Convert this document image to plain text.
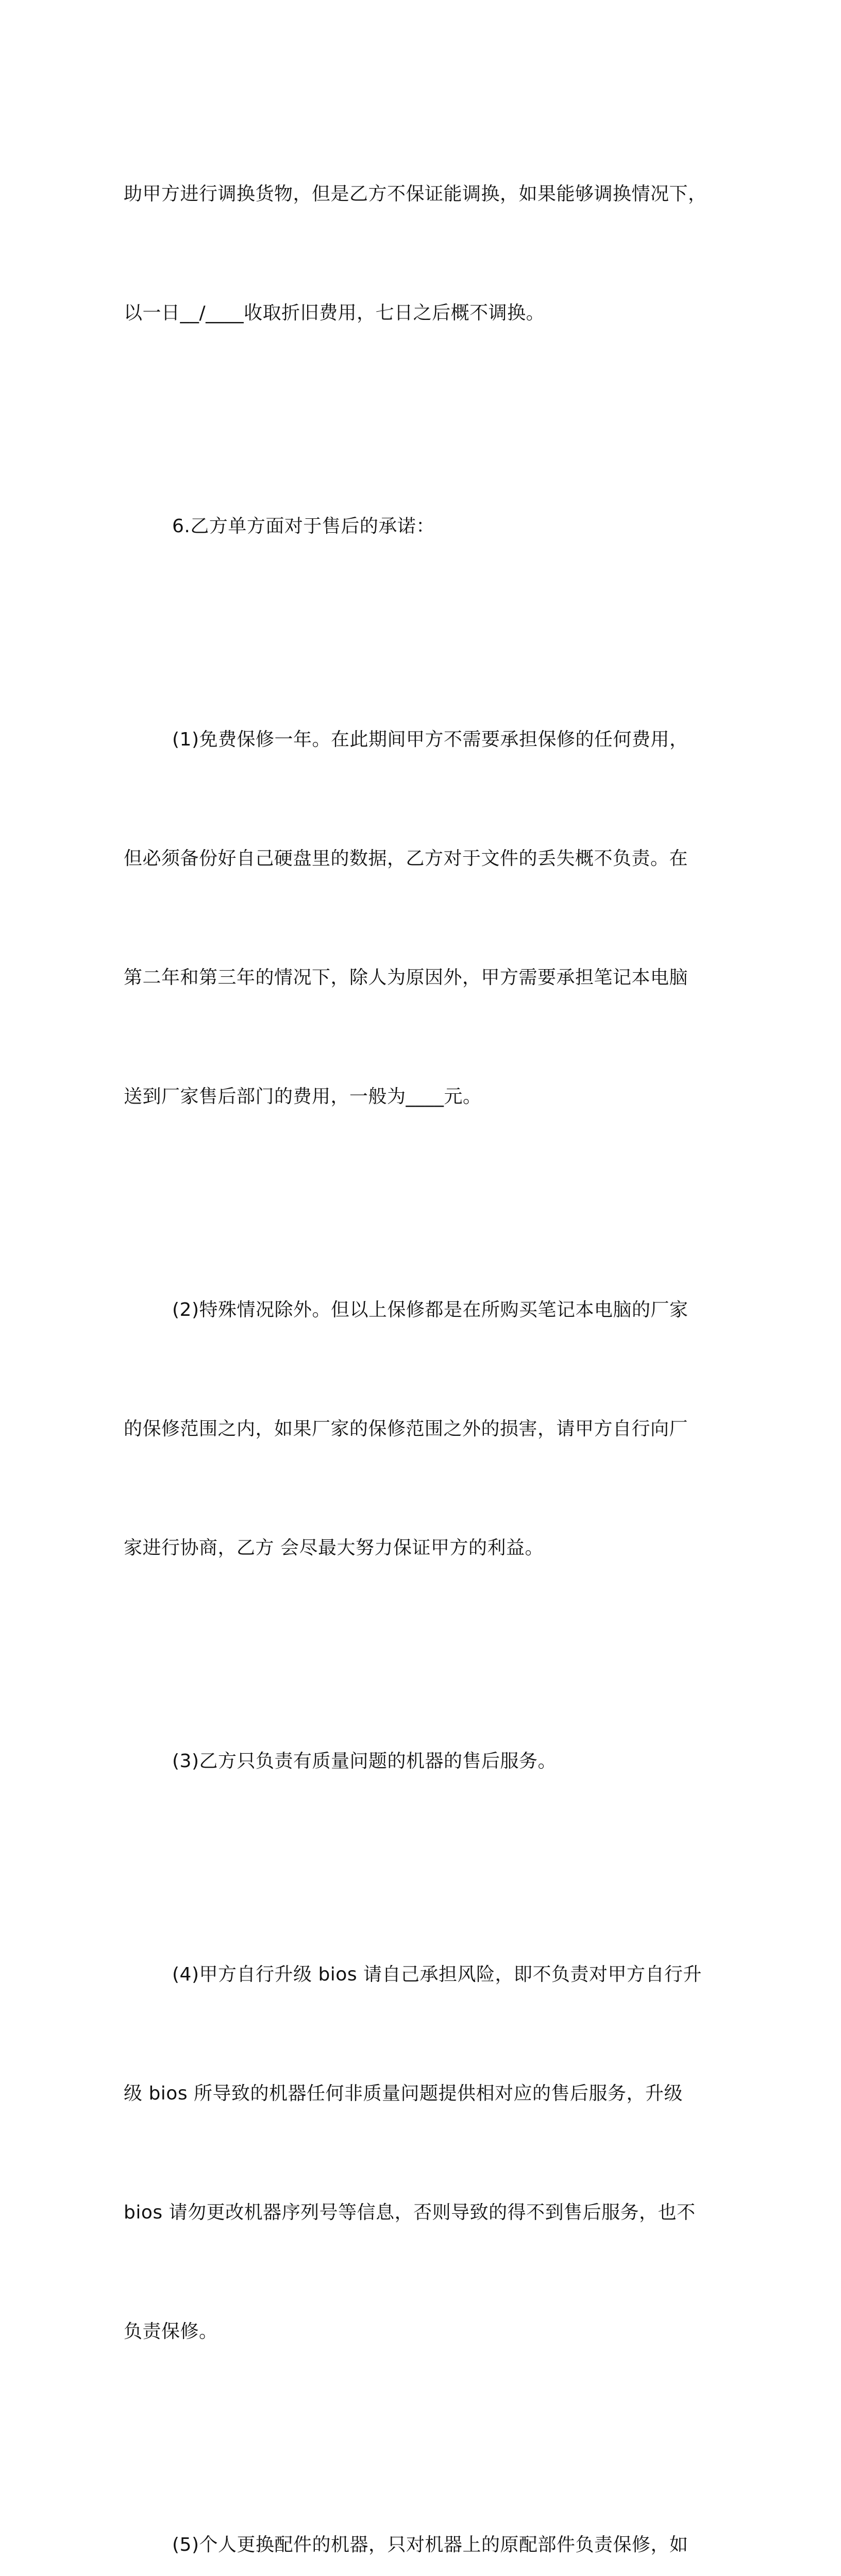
助甲方进行调换货物，但是乙方不保证能调换，如果能够调换情况下，

以一日__/____收取折旧费用，七日之后概不调换。

6.乙方单方面对于售后的承诺：

(1)免费保修一年。在此期间甲方不需要承担保修的任何费用，

但必须备份好自己硬盘里的数据，乙方对于文件的丢失概不负责。在

第二年和第三年的情况下，除人为原因外，甲方需要承担笔记本电脑

送到厂家售后部门的费用，一般为____元。

(2)特殊情况除外。但以上保修都是在所购买笔记本电脑的厂家

的保修范围之内，如果厂家的保修范围之外的损害，请甲方自行向厂

家进行协商，乙方 会尽最大努力保证甲方的利益。

(3)乙方只负责有质量问题的机器的售后服务。

(4)甲方自行升级 bios 请自己承担风险，即不负责对甲方自行升

级 bios 所导致的机器任何非质量问题提供相对应的售后服务，升级

bios 请勿更改机器序列号等信息，否则导致的得不到售后服务，也不

负责保修。

(5)个人更换配件的机器，只对机器上的原配部件负责保修，如
